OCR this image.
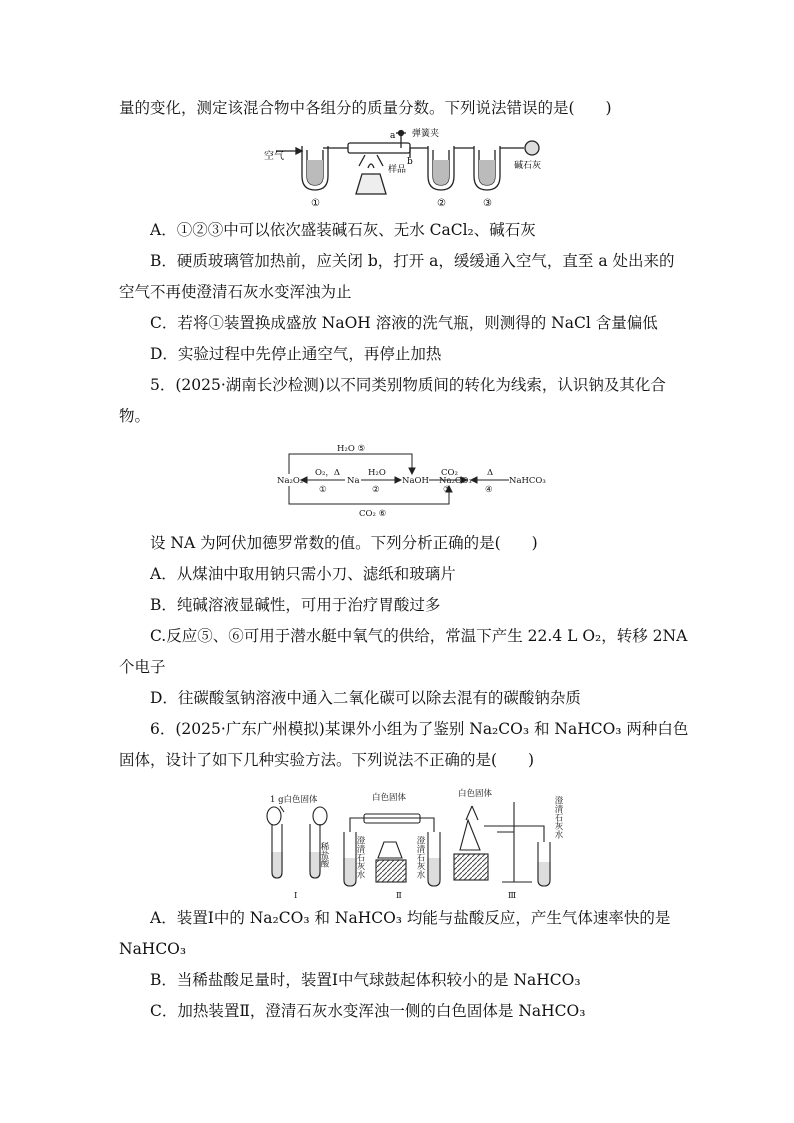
量的变化，测定该混合物中各组分的质量分数。下列说法错误的是(　　)
空气
样品
弹簧夹
a
b	碱石灰
①	②	③
A．①②③中可以依次盛装碱石灰、无水 CaCl₂、碱石灰
B．硬质玻璃管加热前，应关闭 b，打开 a，缓缓通入空气，直至 a 处出来的
空气不再使澄清石灰水变浑浊为止
C．若将①装置换成盛放 NaOH 溶液的洗气瓶，则测得的 NaCl 含量偏低
D．实验过程中先停止通空气，再停止加热
5．(2025·湖南长沙检测)以不同类别物质间的转化为线索，认识钠及其化合
物。
Na₂O₂	Na	NaOH Na₂CO₃	NaHCO₃
O₂，Δ
①
H₂O
②
CO₂
③
Δ
④
H₂O ⑤
CO₂ ⑥
设 NA 为阿伏加德罗常数的值。下列分析正确的是(　　)
A．从煤油中取用钠只需小刀、滤纸和玻璃片
B．纯碱溶液显碱性，可用于治疗胃酸过多
C.反应⑤、⑥可用于潜水艇中氧气的供给，常温下产生 22.4 L O₂，转移 2NA
个电子
D．往碳酸氢钠溶液中通入二氧化碳可以除去混有的碳酸钠杂质
6．(2025·广东广州模拟)某课外小组为了鉴别 Na₂CO₃ 和 NaHCO₃ 两种白色
固体，设计了如下几种实验方法。下列说法不正确的是(　　)
1 g白色固体
稀盐酸
白色固体
澄清石灰水	澄清石灰水
白色固体
澄清石灰水
Ⅰ	Ⅱ	Ⅲ
A．装置Ⅰ中的 Na₂CO₃ 和 NaHCO₃ 均能与盐酸反应，产生气体速率快的是
NaHCO₃
B．当稀盐酸足量时，装置Ⅰ中气球鼓起体积较小的是 NaHCO₃
C．加热装置Ⅱ，澄清石灰水变浑浊一侧的白色固体是 NaHCO₃
